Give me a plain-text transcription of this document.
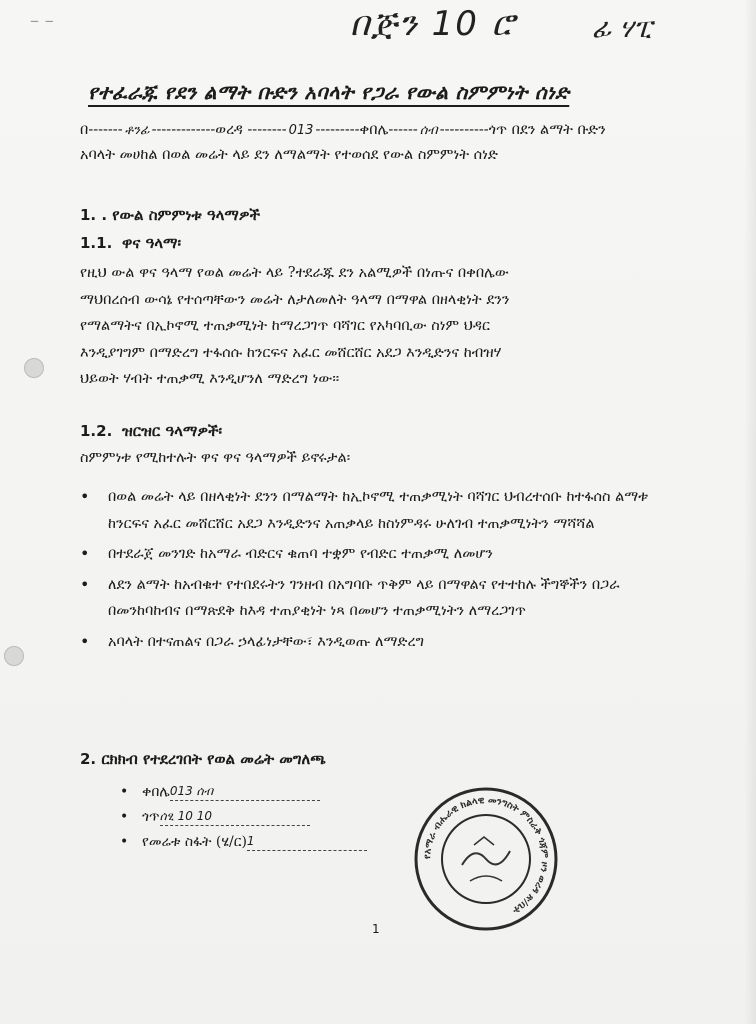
– –	በጅን 10 ሮ	ፊ ሃፒ
የተፈራጁ የደን ልማት ቡድን አባላት የጋራ የውል ስምምነት ሰነድ
በ------- ቶንፊ -------------ወረዳ -------- 013 ---------ቀበሌ------ ሰብ ----------ጎጥ በደን ልማት ቡድን
አባላት መሀከል በወል መሬት ላይ ደን ለማልማት የተወሰደ የውል ስምምነት ሰነድ
1. . የውል ስምምነቱ ዓላማዎች
1.1. ዋና ዓላማ፡
የዚህ ውል ዋና ዓላማ የወል መሬት ላይ ?ተደራጁ ደን አልሚዎች በነጡና በቀበሌው
ማህበረሰብ ውሳኔ የተሰጣቸውን መሬት ለታለመለት ዓላማ በማዋል በዘላቂነት ደንን
የማልማትና በኢኮኖሚ ተጠቃሚነት ከማረጋገጥ ባሻገር የአካባቢው ስነም ህዳር
እንዲያገግም በማድረግ ተፋሰሱ ከንርፍና አፈር መሸርሸር አደጋ እንዲድንና ከብዝሃ
ህይወት ሃብት ተጠቃሚ እንዲሆንለ ማድረግ ነው፡፡
1.2. ዝርዝር ዓላማዎች፡
ስምምነቱ የሚከተሉት ዋና ዋና ዓላማዎች ይኖሩታል፡
• በወል መሬት ላይ በዘላቂነት ደንን በማልማት ከኢኮኖሚ ተጠቃሚነት ባሻገር ህብረተሰቡ ከተፋሰስ ልማቱ ከንርፍና አፈር መሸርሸር አደጋ እንዲድንና አጠቃላይ ከስነምዳሩ ሁለገብ ተጠቃሚነትን ማሻሻል
• በተደራጀ መንገድ ከአማራ ብድርና ቁጠባ ተቋም የብድር ተጠቃሚ ለመሆን
• ለደን ልማት ከአብቁተ የተበደሩትን ገንዘብ በአግባቡ ጥቅም ላይ በማዋልና የተተከሉ ችግኞችን በጋራ በመንከባከብና በማጽደቅ ከእዳ ተጠያቂነት ነጻ በመሆን ተጠቃሚነትን ለማረጋገጥ
• አባላት በተናጠልና በጋራ ኃላፊነታቸው፣ እንዲወጡ ለማድረግ
2. ርክክብ የተደረገበት የወል መሬት መግለጫ
• ቀበሌ013 ሰብ
• ጎጥሰፂ 10 10
• የመሬቱ ስፋት (ሄ/ር)1
የአማራ ብሔራዊ ክልላዊ መንግስት ምስራቅ ጎጃም ዞን ወረዳ ጽ/ቤት
1
